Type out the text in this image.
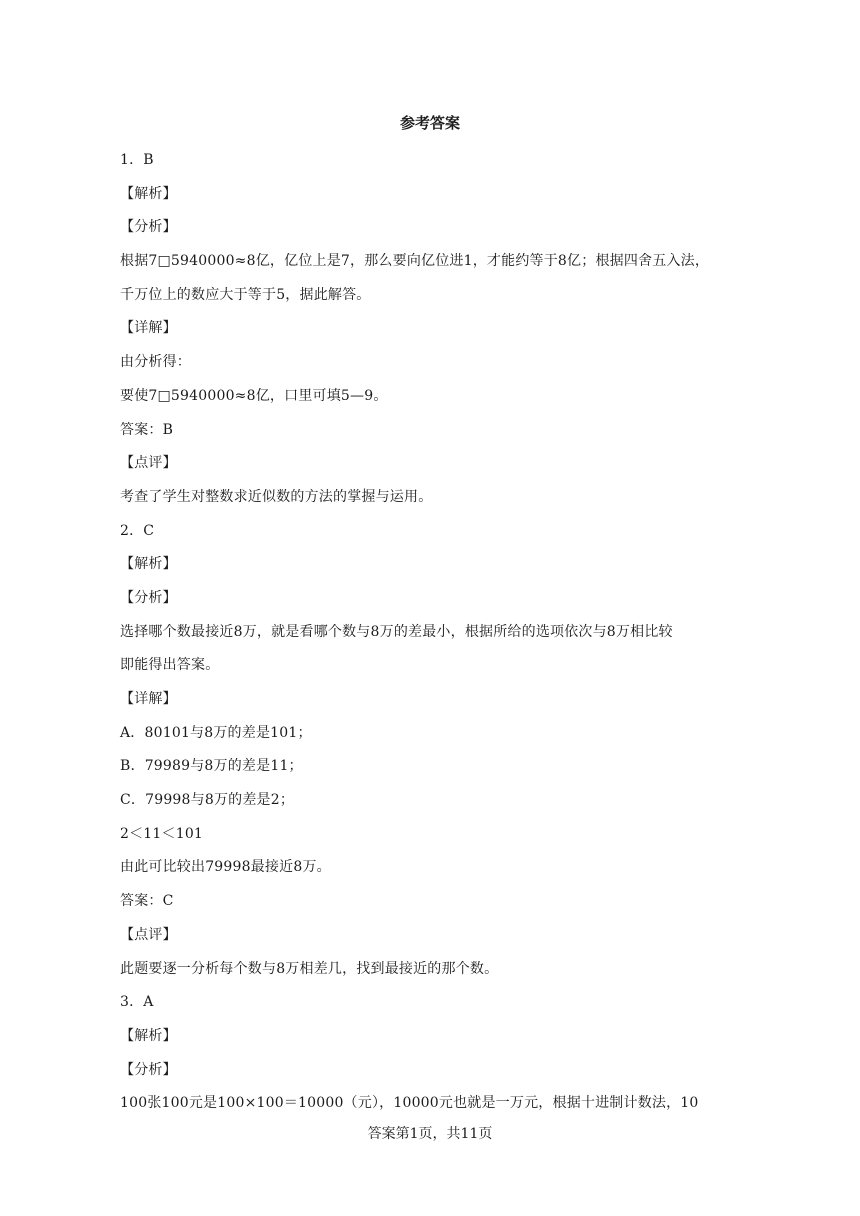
参考答案
1．B
【解析】
【分析】
根据7□5940000≈8亿，亿位上是7，那么要向亿位进1，才能约等于8亿；根据四舍五入法，
千万位上的数应大于等于5，据此解答。
【详解】
由分析得：
要使7□5940000≈8亿，口里可填5—9。
答案：B
【点评】
考查了学生对整数求近似数的方法的掌握与运用。
2．C
【解析】
【分析】
选择哪个数最接近8万，就是看哪个数与8万的差最小，根据所给的选项依次与8万相比较
即能得出答案。
【详解】
A．80101与8万的差是101；
B．79989与8万的差是11；
C．79998与8万的差是2；
2＜11＜101
由此可比较出79998最接近8万。
答案：C
【点评】
此题要逐一分析每个数与8万相差几，找到最接近的那个数。
3．A
【解析】
【分析】
100张100元是100×100＝10000（元），10000元也就是一万元，根据十进制计数法，10
答案第1页，共11页
